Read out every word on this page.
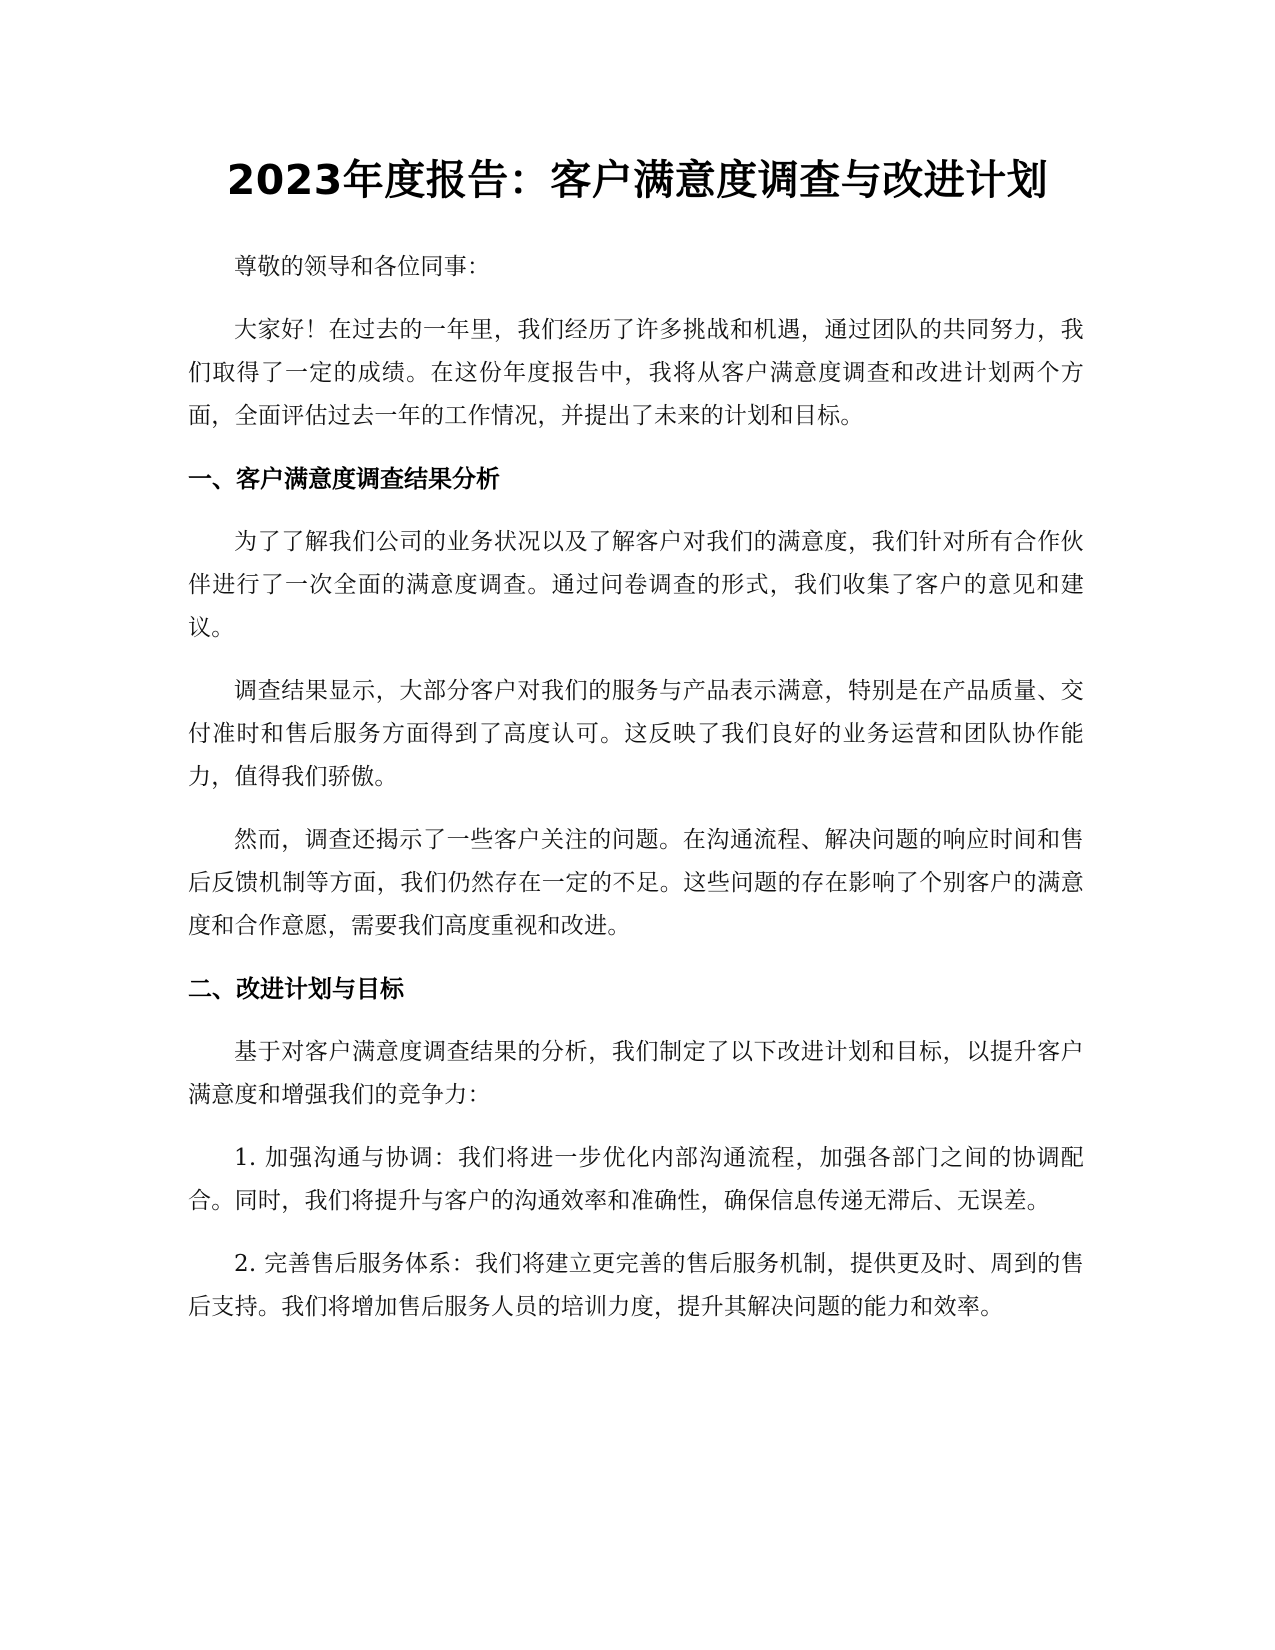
2023年度报告：客户满意度调查与改进计划

尊敬的领导和各位同事：

大家好！在过去的一年里，我们经历了许多挑战和机遇，通过团队的共同努力，我们取得了一定的成绩。在这份年度报告中，我将从客户满意度调查和改进计划两个方面，全面评估过去一年的工作情况，并提出了未来的计划和目标。

一、客户满意度调查结果分析

为了了解我们公司的业务状况以及了解客户对我们的满意度，我们针对所有合作伙伴进行了一次全面的满意度调查。通过问卷调查的形式，我们收集了客户的意见和建议。

调查结果显示，大部分客户对我们的服务与产品表示满意，特别是在产品质量、交付准时和售后服务方面得到了高度认可。这反映了我们良好的业务运营和团队协作能力，值得我们骄傲。

然而，调查还揭示了一些客户关注的问题。在沟通流程、解决问题的响应时间和售后反馈机制等方面，我们仍然存在一定的不足。这些问题的存在影响了个别客户的满意度和合作意愿，需要我们高度重视和改进。

二、改进计划与目标

基于对客户满意度调查结果的分析，我们制定了以下改进计划和目标，以提升客户满意度和增强我们的竞争力：

1. 加强沟通与协调：我们将进一步优化内部沟通流程，加强各部门之间的协调配合。同时，我们将提升与客户的沟通效率和准确性，确保信息传递无滞后、无误差。

2. 完善售后服务体系：我们将建立更完善的售后服务机制，提供更及时、周到的售后支持。我们将增加售后服务人员的培训力度，提升其解决问题的能力和效率。
